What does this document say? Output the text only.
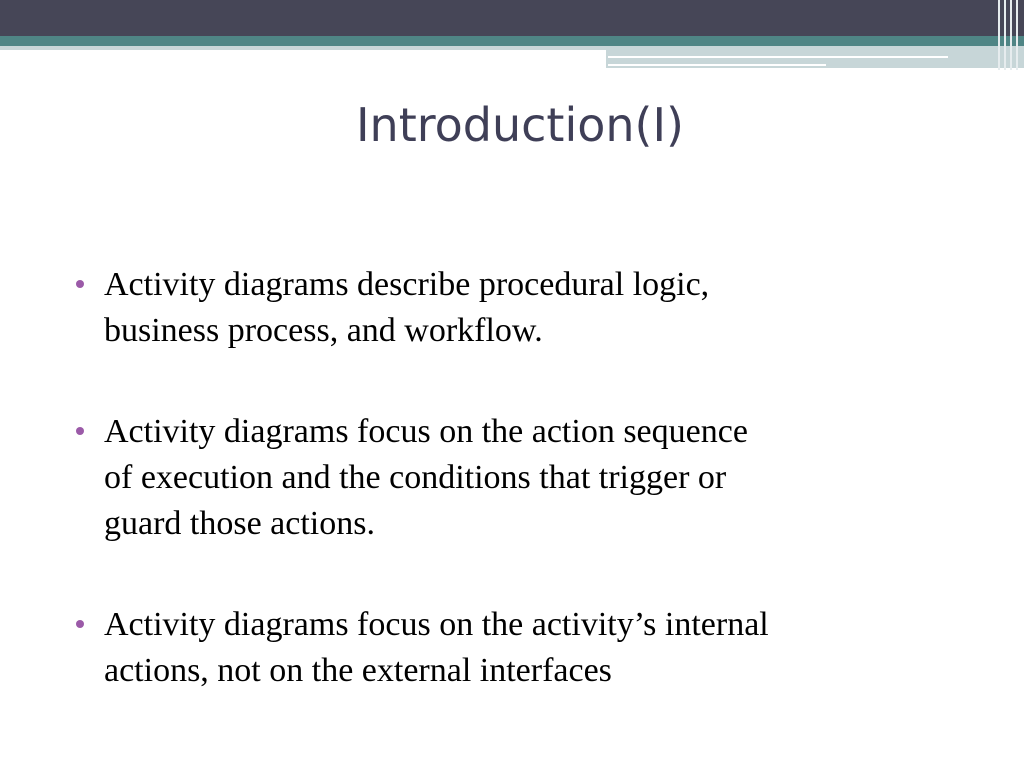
Introduction(I)
Activity diagrams describe procedural logic,
business process, and workflow.
Activity diagrams focus on the action sequence
of execution and the conditions that trigger or
guard those actions.
Activity diagrams focus on the activity’s internal
actions, not on the external interfaces
